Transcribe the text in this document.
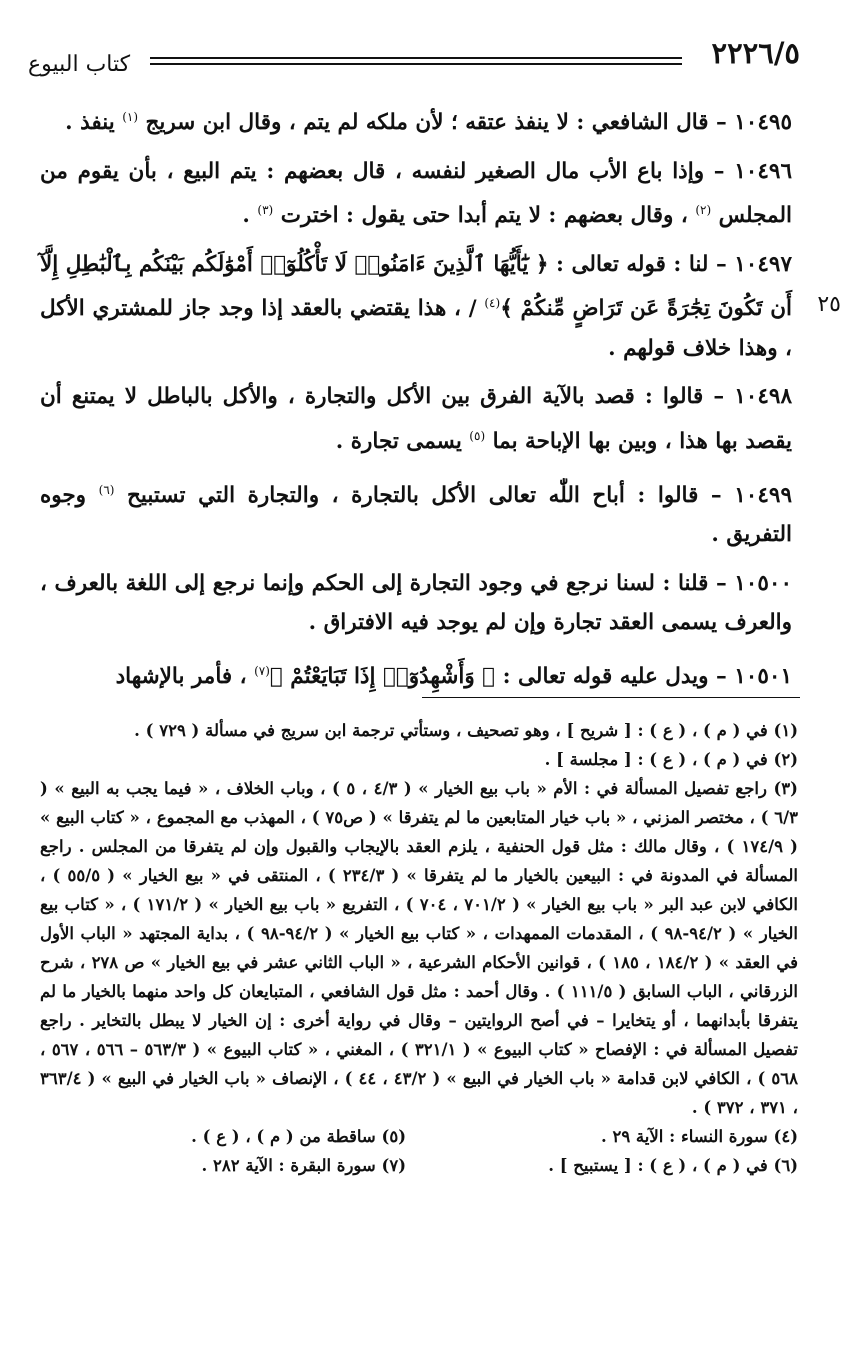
٢٢٢٦/٥
كتاب البيوع
٢٥

١٠٤٩٥ – قال الشافعي : لا ينفذ عتقه ؛ لأن ملكه لم يتم ، وقال ابن سريج $^{(١)}$ ينفذ .

١٠٤٩٦ – وإذا باع الأب مال الصغير لنفسه ، قال بعضهم : يتم البيع ، بأن يقوم من المجلس $^{(٢)}$ ، وقال بعضهم : لا يتم أبدا حتى يقول : اخترت $^{(٣)}$ .

١٠٤٩٧ – لنا : قوله تعالى : ﴿ يَٰٓأَيُّهَا ٱلَّذِينَ ءَامَنُوا۟ لَا تَأْكُلُوٓا۟ أَمْوَٰلَكُم بَيْنَكُم بِٱلْبَٰطِلِ إِلَّآ أَن تَكُونَ تِجَٰرَةً عَن تَرَاضٍ مِّنكُمْ ﴾$^{(٤)}$ / ، هذا يقتضي بالعقد إذا وجد جاز للمشتري الأكل ، وهذا خلاف قولهم .

١٠٤٩٨ – قالوا : قصد بالآية الفرق بين الأكل والتجارة ، والأكل بالباطل لا يمتنع أن يقصد بها هذا ، وبين بها الإباحة بما $^{(٥)}$ يسمى تجارة .

١٠٤٩٩ – قالوا : أباح اللّٰه تعالى الأكل بالتجارة ، والتجارة التي تستبيح $^{(٦)}$ وجوه التفريق .

١٠٥٠٠ – قلنا : لسنا نرجع في وجود التجارة إلى الحكم وإنما نرجع إلى اللغة بالعرف ، والعرف يسمى العقد تجارة وإن لم يوجد فيه الافتراق .

١٠٥٠١ – ويدل عليه قوله تعالى : ﴿ وَأَشْهِدُوٓا۟ إِذَا تَبَايَعْتُمْ ﴾$^{(٧)}$ ، فأمر بالإشهاد

(١) في ( م ) ، ( ع ) : [ شريح ] ، وهو تصحيف ، وستأتي ترجمة ابن سريج في مسألة ( ٧٢٩ ) .

(٢) في ( م ) ، ( ع ) : [ مجلسة ] .

(٣) راجع تفصيل المسألة في : الأم « باب بيع الخيار » ( ٤/٣ ، ٥ ) ، وباب الخلاف ، « فيما يجب به البيع » ( ٦/٣ ) ، مختصر المزني ، « باب خيار المتابعين ما لم يتفرقا » ( ص٧٥ ) ، المهذب مع المجموع ، « كتاب البيع » ( ١٧٤/٩ ) ، وقال مالك : مثل قول الحنفية ، يلزم العقد بالإيجاب والقبول وإن لم يتفرقا من المجلس . راجع المسألة في المدونة في : البيعين بالخيار ما لم يتفرقا » ( ٢٣٤/٣ ) ، المنتقى في « بيع الخيار » ( ٥٥/٥ ) ، الكافي لابن عبد البر « باب بيع الخيار » ( ٧٠١/٢ ، ٧٠٤ ) ، التفريع « باب بيع الخيار » ( ١٧١/٢ ) ، « كتاب بيع الخيار » ( ٩٤/٢-٩٨ ) ، المقدمات الممهدات ، « كتاب بيع الخيار » ( ٩٤/٢-٩٨ ) ، بداية المجتهد « الباب الأول في العقد » ( ١٨٤/٢ ، ١٨٥ ) ، قوانين الأحكام الشرعية ، « الباب الثاني عشر في بيع الخيار » ص ٢٧٨ ، شرح الزرقاني ، الباب السابق ( ١١١/٥ ) . وقال أحمد : مثل قول الشافعي ، المتبايعان كل واحد منهما بالخيار ما لم يتفرقا بأبدانهما ، أو يتخايرا – في أصح الروايتين – وقال في رواية أخرى : إن الخيار لا يبطل بالتخاير . راجع تفصيل المسألة في : الإفصاح « كتاب البيوع » ( ٣٢١/١ ) ، المغني ، « كتاب البيوع » ( ٥٦٣/٣ – ٥٦٦ ، ٥٦٧ ، ٥٦٨ ) ، الكافي لابن قدامة « باب الخيار في البيع » ( ٤٣/٢ ، ٤٤ ) ، الإنصاف « باب الخيار في البيع » ( ٣٦٣/٤ ، ٣٧١ ، ٣٧٢ ) .

(٤) سورة النساء : الآية ٢٩ .
(٥) ساقطة من ( م ) ، ( ع ) .
(٦) في ( م ) ، ( ع ) : [ يستبيح ] .
(٧) سورة البقرة : الآية ٢٨٢ .
